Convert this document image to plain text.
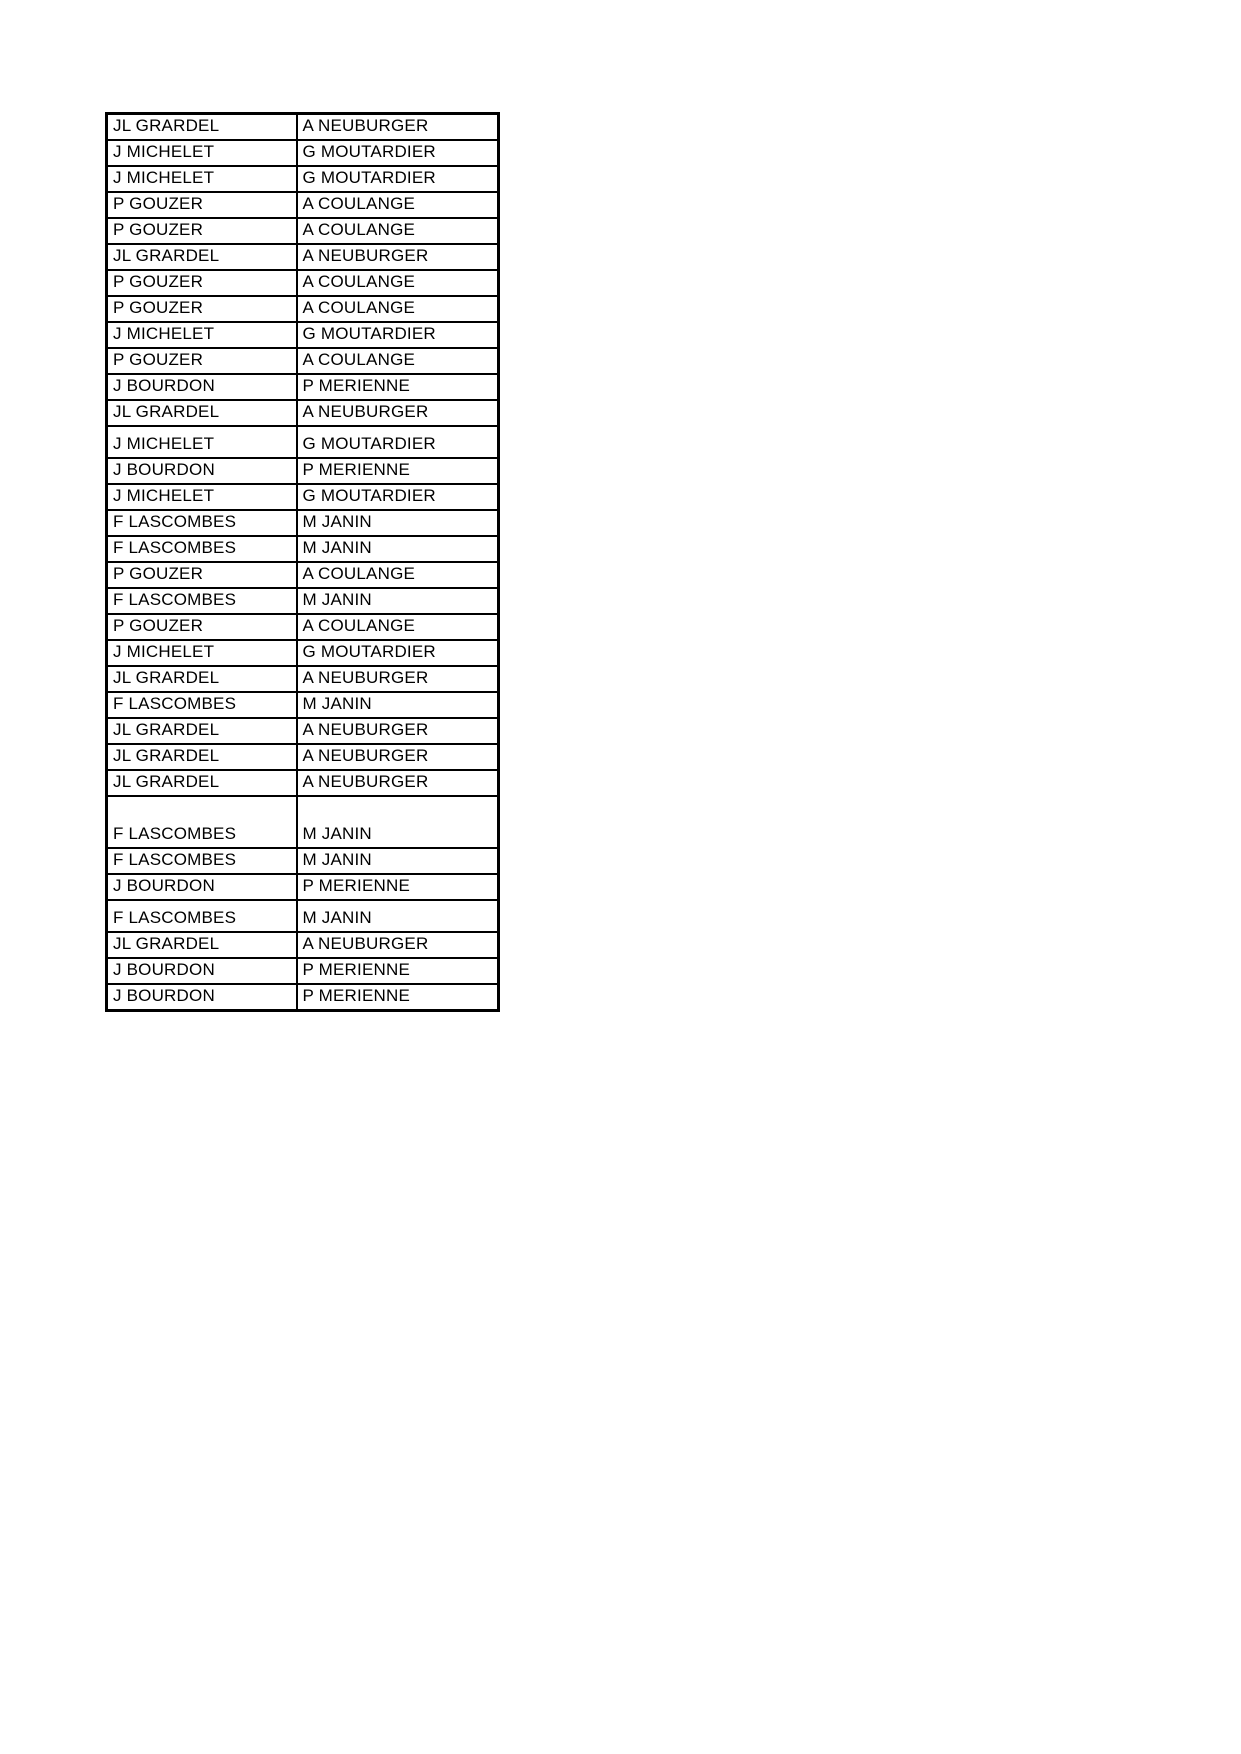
JL GRARDEL	A NEUBURGER
J MICHELET	G MOUTARDIER
J MICHELET	G MOUTARDIER
P GOUZER	A COULANGE
P GOUZER	A COULANGE
JL GRARDEL	A NEUBURGER
P GOUZER	A COULANGE
P GOUZER	A COULANGE
J MICHELET	G MOUTARDIER
P GOUZER	A COULANGE
J BOURDON	P MERIENNE
JL GRARDEL	A NEUBURGER
J MICHELET	G MOUTARDIER
J BOURDON	P MERIENNE
J MICHELET	G MOUTARDIER
F LASCOMBES	M JANIN
F LASCOMBES	M JANIN
P GOUZER	A COULANGE
F LASCOMBES	M JANIN
P GOUZER	A COULANGE
J MICHELET	G MOUTARDIER
JL GRARDEL	A NEUBURGER
F LASCOMBES	M JANIN
JL GRARDEL	A NEUBURGER
JL GRARDEL	A NEUBURGER
JL GRARDEL	A NEUBURGER
F LASCOMBES	M JANIN
F LASCOMBES	M JANIN
J BOURDON	P MERIENNE
F LASCOMBES	M JANIN
JL GRARDEL	A NEUBURGER
J BOURDON	P MERIENNE
J BOURDON	P MERIENNE
